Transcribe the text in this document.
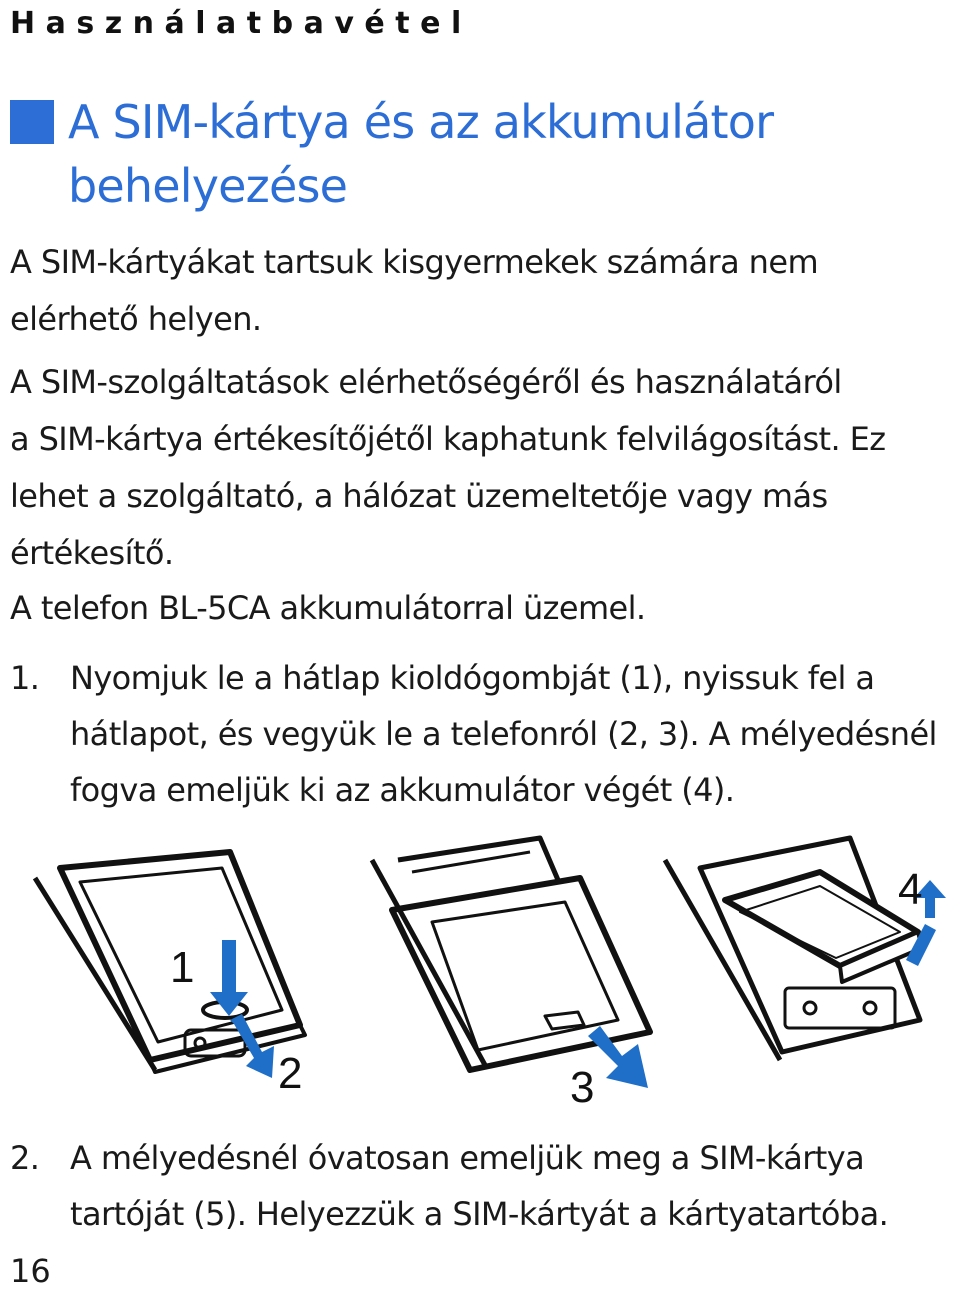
Használatbavétel
A SIM-kártya és az akkumulátor
behelyezése
A SIM-kártyákat tartsuk kisgyermekek számára nem
elérhető helyen.
A SIM-szolgáltatások elérhetőségéről és használatáról
a SIM-kártya értékesítőjétől kaphatunk felvilágosítást. Ez
lehet a szolgáltató, a hálózat üzemeltetője vagy más
értékesítő.
A telefon BL-5CA akkumulátorral üzemel.
1. Nyomjuk le a hátlap kioldógombját (1), nyissuk fel a
hátlapot, és vegyük le a telefonról (2, 3). A mélyedésnél
fogva emeljük ki az akkumulátor végét (4).
1
2	3
4
2. A mélyedésnél óvatosan emeljük meg a SIM-kártya
tartóját (5). Helyezzük a SIM-kártyát a kártyatartóba.
16
